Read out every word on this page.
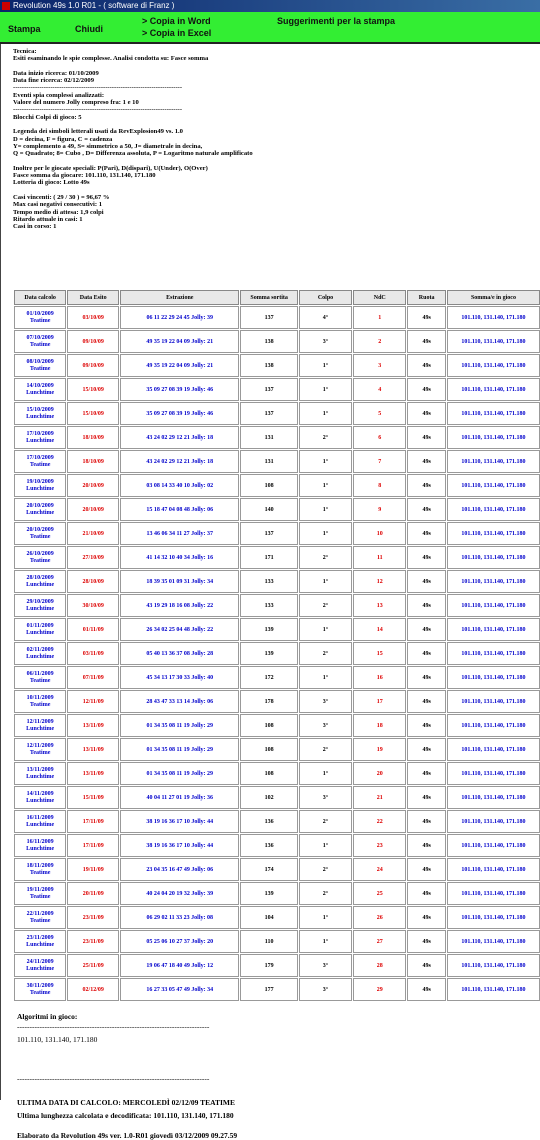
Revolution 49s 1.0 R01 - ( software di Franz )
Stampa	Chiudi
> Copia in Word
> Copia in Excel
Suggerimenti per la stampa
Tecnica:
Esiti esaminando le spie complesse. Analisi condotta su: Fasce somma
Data inizio ricerca: 01/10/2009
Data fine ricerca: 02/12/2009
-----------------------------------------------------------------------------
Eventi spia complessi analizzati:
Valore del numero Jolly compreso fra: 1 e 10
-----------------------------------------------------------------------------
Blocchi Colpi di gioco: 5
Legenda dei simboli letterali usati da RevExplosion49 vs. 1.0
D = decina, F = figura, C = cadenza
Y= complemento a 49, S= simmetrico a 50, J= diametrale in decina,
Q = Quadrato; 8= Cubo , D= Differenza assoluta, P = Logaritmo naturale amplificato
Inoltre per le giocate speciali: P(Pari), D(dispari), U(Under), O(Over)
Fasce somma da giocare: 101.110, 131.140, 171.180
Lotteria di gioco: Lotto 49s
Casi vincenti: ( 29 / 30 ) = 96,67 %
Max casi negativi consecutivi: 1
Tempo medio di attesa: 1,9 colpi
Ritardo attuale in casi: 1
Casi in corso: 1
Data calcolo	Data Esito	Estrazione	Somma sortita	Colpo	NdC	Ruota	Somma/e in gioco

01/10/2009
Teatime	03/10/09	06 11 22 29 24 45 Jolly: 39	137	4°	1	49s	101.110, 131.140, 171.180

07/10/2009
Teatime	09/10/09	49 35 19 22 04 09 Jolly: 21	138	3°	2	49s	101.110, 131.140, 171.180

08/10/2009
Teatime	09/10/09	49 35 19 22 04 09 Jolly: 21	138	1°	3	49s	101.110, 131.140, 171.180

14/10/2009
Lunchtime	15/10/09	35 09 27 08 39 19 Jolly: 46	137	1°	4	49s	101.110, 131.140, 171.180

15/10/2009
Lunchtime	15/10/09	35 09 27 08 39 19 Jolly: 46	137	1°	5	49s	101.110, 131.140, 171.180

17/10/2009
Lunchtime	18/10/09	43 24 02 29 12 21 Jolly: 18	131	2°	6	49s	101.110, 131.140, 171.180

17/10/2009
Teatime	18/10/09	43 24 02 29 12 21 Jolly: 18	131	1°	7	49s	101.110, 131.140, 171.180

19/10/2009
Lunchtime	20/10/09	03 08 14 33 40 10 Jolly: 02	108	1°	8	49s	101.110, 131.140, 171.180

20/10/2009
Lunchtime	20/10/09	15 18 47 04 08 48 Jolly: 06	140	1°	9	49s	101.110, 131.140, 171.180

20/10/2009
Teatime	21/10/09	13 46 06 34 11 27 Jolly: 37	137	1°	10	49s	101.110, 131.140, 171.180

26/10/2009
Teatime	27/10/09	41 14 32 10 40 34 Jolly: 16	171	2°	11	49s	101.110, 131.140, 171.180

28/10/2009
Lunchtime	28/10/09	18 39 35 01 09 31 Jolly: 34	133	1°	12	49s	101.110, 131.140, 171.180

29/10/2009
Lunchtime	30/10/09	43 19 29 18 16 08 Jolly: 22	133	2°	13	49s	101.110, 131.140, 171.180

01/11/2009
Lunchtime	01/11/09	26 34 02 25 04 48 Jolly: 22	139	1°	14	49s	101.110, 131.140, 171.180

02/11/2009
Lunchtime	03/11/09	05 40 13 36 37 08 Jolly: 28	139	2°	15	49s	101.110, 131.140, 171.180

06/11/2009
Teatime	07/11/09	45 34 13 17 30 33 Jolly: 40	172	1°	16	49s	101.110, 131.140, 171.180

10/11/2009
Teatime	12/11/09	28 43 47 33 13 14 Jolly: 06	178	3°	17	49s	101.110, 131.140, 171.180

12/11/2009
Lunchtime	13/11/09	01 34 35 08 11 19 Jolly: 29	108	3°	18	49s	101.110, 131.140, 171.180

12/11/2009
Teatime	13/11/09	01 34 35 08 11 19 Jolly: 29	108	2°	19	49s	101.110, 131.140, 171.180

13/11/2009
Lunchtime	13/11/09	01 34 35 08 11 19 Jolly: 29	108	1°	20	49s	101.110, 131.140, 171.180

14/11/2009
Lunchtime	15/11/09	40 04 11 27 01 19 Jolly: 36	102	3°	21	49s	101.110, 131.140, 171.180

16/11/2009
Lunchtime	17/11/09	38 19 16 36 17 10 Jolly: 44	136	2°	22	49s	101.110, 131.140, 171.180

16/11/2009
Lunchtime	17/11/09	38 19 16 36 17 10 Jolly: 44	136	1°	23	49s	101.110, 131.140, 171.180

18/11/2009
Teatime	19/11/09	23 04 35 16 47 49 Jolly: 06	174	2°	24	49s	101.110, 131.140, 171.180

19/11/2009
Teatime	20/11/09	40 24 04 20 19 32 Jolly: 39	139	2°	25	49s	101.110, 131.140, 171.180

22/11/2009
Teatime	23/11/09	06 29 02 11 33 23 Jolly: 08	104	1°	26	49s	101.110, 131.140, 171.180

23/11/2009
Lunchtime	23/11/09	05 25 06 10 27 37 Jolly: 20	110	1°	27	49s	101.110, 131.140, 171.180

24/11/2009
Lunchtime	25/11/09	19 06 47 18 40 49 Jolly: 12	179	3°	28	49s	101.110, 131.140, 171.180

30/11/2009
Teatime	02/12/09	16 27 33 05 47 49 Jolly: 34	177	3°	29	49s	101.110, 131.140, 171.180
Algoritmi in gioco:
-----------------------------------------------------------------------------
101.110, 131.140, 171.180
-----------------------------------------------------------------------------
ULTIMA DATA DI CALCOLO: MERCOLEDÌ 02/12/09 TEATIME
Ultima lunghezza calcolata e decodificata: 101.110, 131.140, 171.180
Elaborato da Revolution 49s ver. 1.0-R01 giovedì 03/12/2009 09.27.59
